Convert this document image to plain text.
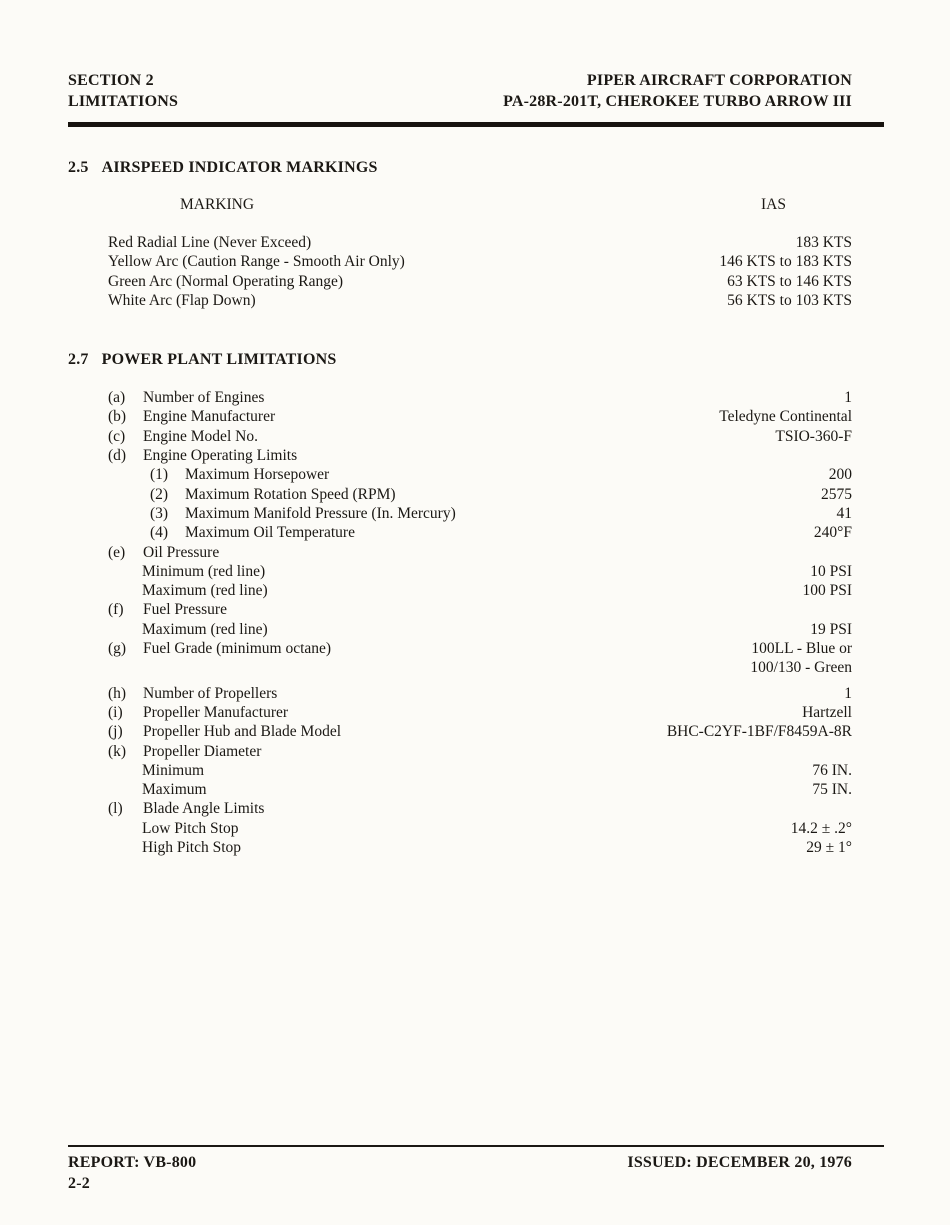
SECTION 2
LIMITATIONS
PIPER AIRCRAFT CORPORATION
PA-28R-201T, CHEROKEE TURBO ARROW III
2.5 AIRSPEED INDICATOR MARKINGS
MARKING	IAS
Red Radial Line (Never Exceed)	183 KTS
Yellow Arc (Caution Range - Smooth Air Only)	146 KTS to 183 KTS
Green Arc (Normal Operating Range)	63 KTS to 146 KTS
White Arc (Flap Down)	56 KTS to 103 KTS
2.7 POWER PLANT LIMITATIONS
(a)	Number of Engines	1
(b)	Engine Manufacturer	Teledyne Continental
(c)	Engine Model No.	TSIO-360-F
(d)	Engine Operating Limits
(1)	Maximum Horsepower	200
(2)	Maximum Rotation Speed (RPM)	2575
(3)	Maximum Manifold Pressure (In. Mercury)	41
(4)	Maximum Oil Temperature	240°F
(e)	Oil Pressure
Minimum (red line)	10 PSI
Maximum (red line)	100 PSI
(f)	Fuel Pressure
Maximum (red line)	19 PSI
(g)	Fuel Grade (minimum octane)	100LL - Blue or
100/130 - Green
(h)	Number of Propellers	1
(i)	Propeller Manufacturer	Hartzell
(j)	Propeller Hub and Blade Model	BHC-C2YF-1BF/F8459A-8R
(k)	Propeller Diameter
Minimum	76 IN.
Maximum	75 IN.
(l)	Blade Angle Limits
Low Pitch Stop	14.2 ± .2°
High Pitch Stop	29 ± 1°
REPORT: VB-800
2-2
ISSUED: DECEMBER 20, 1976
